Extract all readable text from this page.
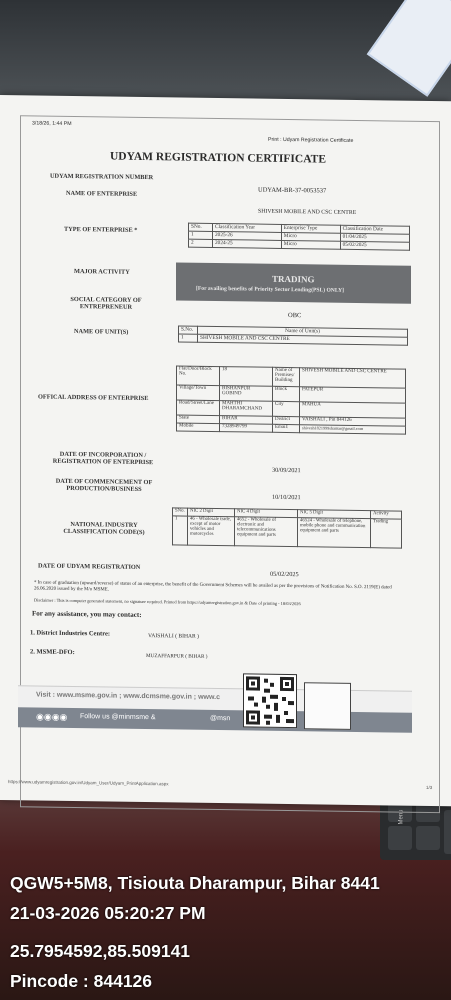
Menu
3/18/26, 1:44 PM
Print : Udyam Registration Certificate
UDYAM REGISTRATION CERTIFICATE
UDYAM REGISTRATION NUMBER
UDYAM-BR-37-0053537
NAME OF ENTERPRISE
SHIVESH MOBILE AND CSC CENTRE
TYPE OF ENTERPRISE *	SNo.	Classification Year	Enterprise Type	Classification Date
1	2025-26	Micro	01/04/2025
2	2024-25	Micro	05/02/2025
MAJOR ACTIVITY
TRADING
[For availing benefits of Priority Sector Lending(PSL) ONLY]
SOCIAL CATEGORY OF ENTREPRENEUR
OBC
NAME OF UNIT(S)	S.No.	Name of Unit(s)
1	SHIVESH MOBILE AND CSC CENTRE
OFFICAL ADDRESS OF ENTERPRISE
Flat/Door/Block No.	18	Name of Premises/ Building	SHIVESH MOBILE AND CSC CENTRE
Village/Town	BISHANPUR GOBIND	Block	PATEPUR
Road/Street/Lane	MAHTHI DHARAMCHAND	City	MAHUA
State	BIHAR	District	VAISHALI , Pin 844126
Mobile	7328949799	Email:	shivesh1821999shamar@gmail.com
DATE OF INCORPORATION / REGISTRATION OF ENTERPRISE
30/09/2021
DATE OF COMMENCEMENT OF PRODUCTION/BUSINESS
10/10/2021
NATIONAL INDUSTRY CLASSIFICATION CODE(S)
SNo.	NIC 2 Digit	NIC 4 Digit	NIC 5 Digit	Activity
1	46 - Wholesale trade, except of motor vehicles and motorcycles	4652 - Wholesale of electronic and telecommunications equipment and parts	46524 - Wholesale of telephone, mobile phone and communication equipment and parts	Trading
DATE OF UDYAM REGISTRATION
05/02/2025
* In case of graduation (upward/reverse) of status of an enterprise, the benefit of the Government Schemes will be availed as per the provisions of Notification No. S.O. 2119(E) dated 26.06.2020 issued by the M/o MSME.
Disclaimer : This is computer generated statement, no signature required. Printed from https://udyamregistration.gov.in & Date of printing - 18/03/2026
For any assistance, you may contact:
1. District Industries Centre:	VAISHALI ( BIHAR )
2. MSME-DFO:
MUZAFFARPUR ( BIHAR )
Visit : www.msme.gov.in ; www.dcmsme.gov.in ; www.c
◉◉◉◉ Follow us @minmsme &	@msn
https://www.udyamregistration.gov.in/Udyam_User/Udyam_PrintApplication.aspx
1/3
QGW5+5M8, Tisiouta Dharampur, Bihar 8441
21-03-2026 05:20:27 PM
25.7954592,85.509141
Pincode : 844126
